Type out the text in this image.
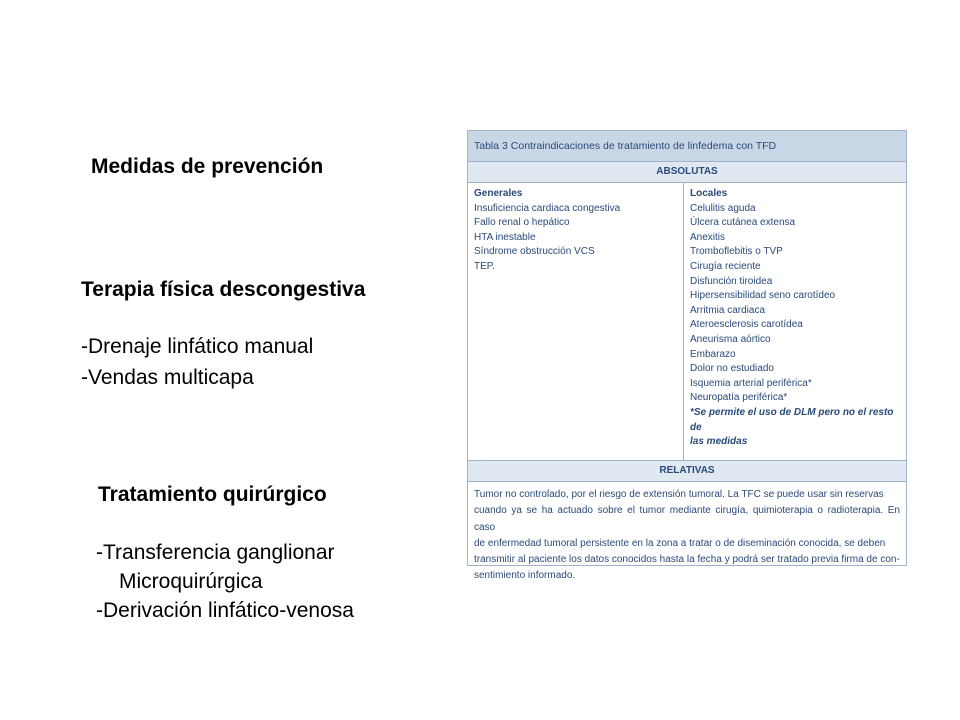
Medidas de prevención
Terapia física descongestiva
-Drenaje linfático manual
-Vendas multicapa
Tratamiento quirúrgico
-Transferencia ganglionar
Microquirúrgica
-Derivación linfático-venosa
Tabla 3 Contraindicaciones de tratamiento de linfedema con TFD
ABSOLUTAS
Generales
Insuficiencia cardiaca congestiva
Fallo renal o hepático
HTA inestable
Síndrome obstrucción VCS
TEP.
Locales
Celulitis aguda
Úlcera cutánea extensa
Anexitis
Tromboflebitis o TVP
Cirugía reciente
Disfunción tiroidea
Hipersensibilidad seno carotídeo
Arritmia cardiaca
Ateroesclerosis carotídea
Aneurisma aórtico
Embarazo
Dolor no estudiado
Isquemia arterial periférica*
Neuropatía periférica*
*Se permite el uso de DLM pero no el resto de
las medidas
RELATIVAS
Tumor no controlado, por el riesgo de extensión tumoral. La TFC se puede usar sin reservas
cuando ya se ha actuado sobre el tumor mediante cirugía, quimioterapia o radioterapia. En caso
de enfermedad tumoral persistente en la zona a tratar o de diseminación conocida, se deben
transmitir al paciente los datos conocidos hasta la fecha y podrá ser tratado previa firma de con-
sentimiento informado.
